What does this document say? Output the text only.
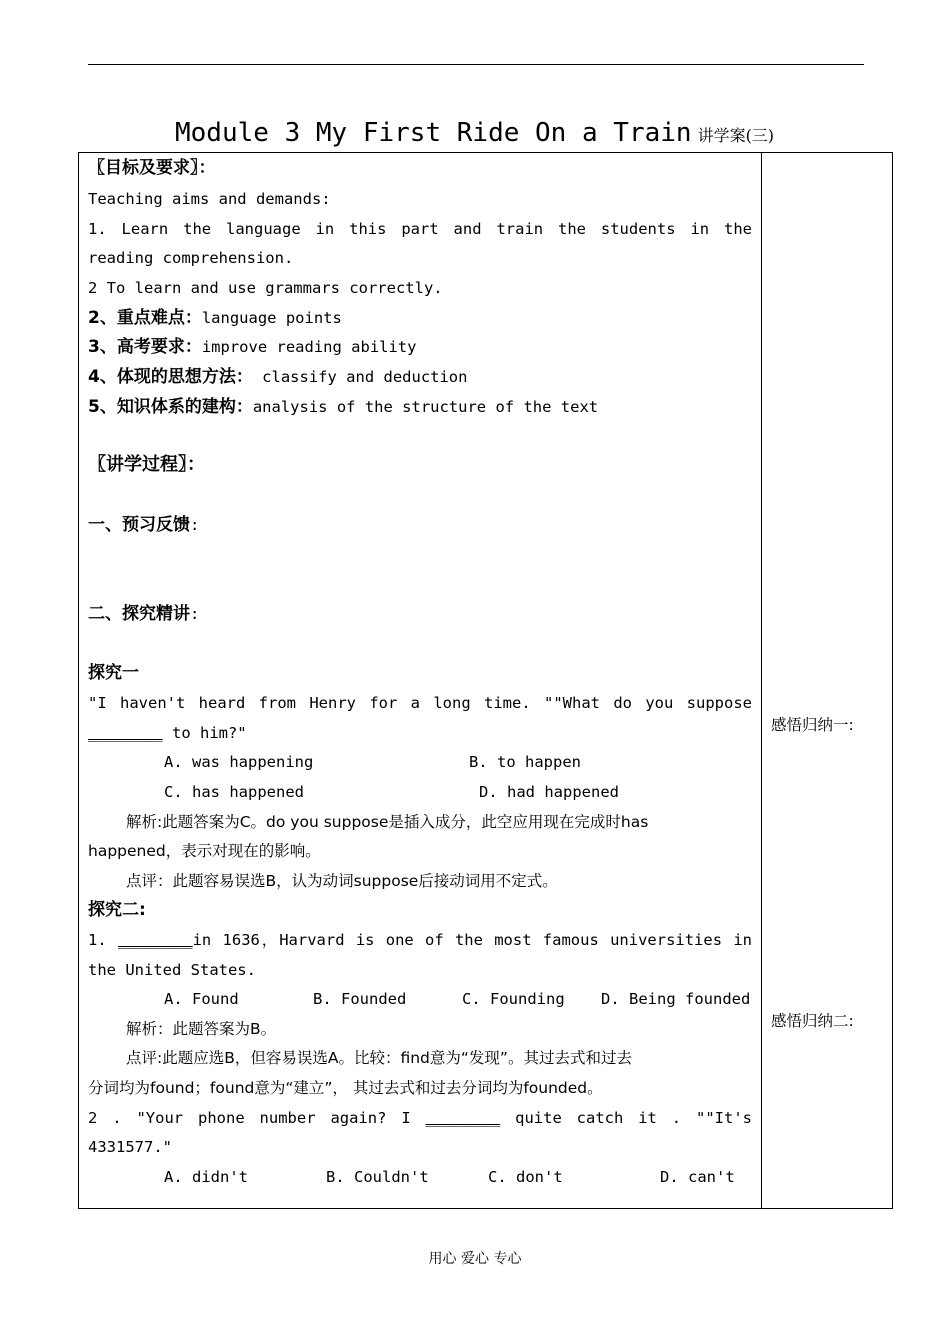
Module 3 My First Ride On a Train 讲学案(三)
〖目标及要求〗：
Teaching aims and demands:
1. Learn the language in this part and train the students in the
reading comprehension.
2 To learn and use grammars correctly.
2、重点难点：language points
3、高考要求：improve reading ability
4、体现的思想方法： classify and deduction
5、知识体系的建构：analysis of the structure of the text
〖讲学过程〗：
一、预习反馈:
二、探究精讲:
探究一
"I haven't heard from Henry for a long time. ""What do you suppose
________ to him?"
A. was happening	B. to happen
C. has happened	D. had happened
解析:此题答案为C。do you suppose是插入成分，此空应用现在完成时has
happened，表示对现在的影响。
点评：此题容易误选B，认为动词suppose后接动词用不定式。
探究二:
1. ________in 1636，Harvard is one of the most famous universities in
the United States.
A. Found	B. Founded	C. Founding D. Being founded
解析：此题答案为B。
点评:此题应选B，但容易误选A。比较：find意为“发现”。其过去式和过去
分词均为found；found意为“建立”， 其过去式和过去分词均为founded。
2 . "Your phone number again? I ________ quite catch it . ""It's
4331577."
A. didn't	B. Couldn't	C. don't	D. can't
感悟归纳一:
感悟归纳二:
用心 爱心 专心
